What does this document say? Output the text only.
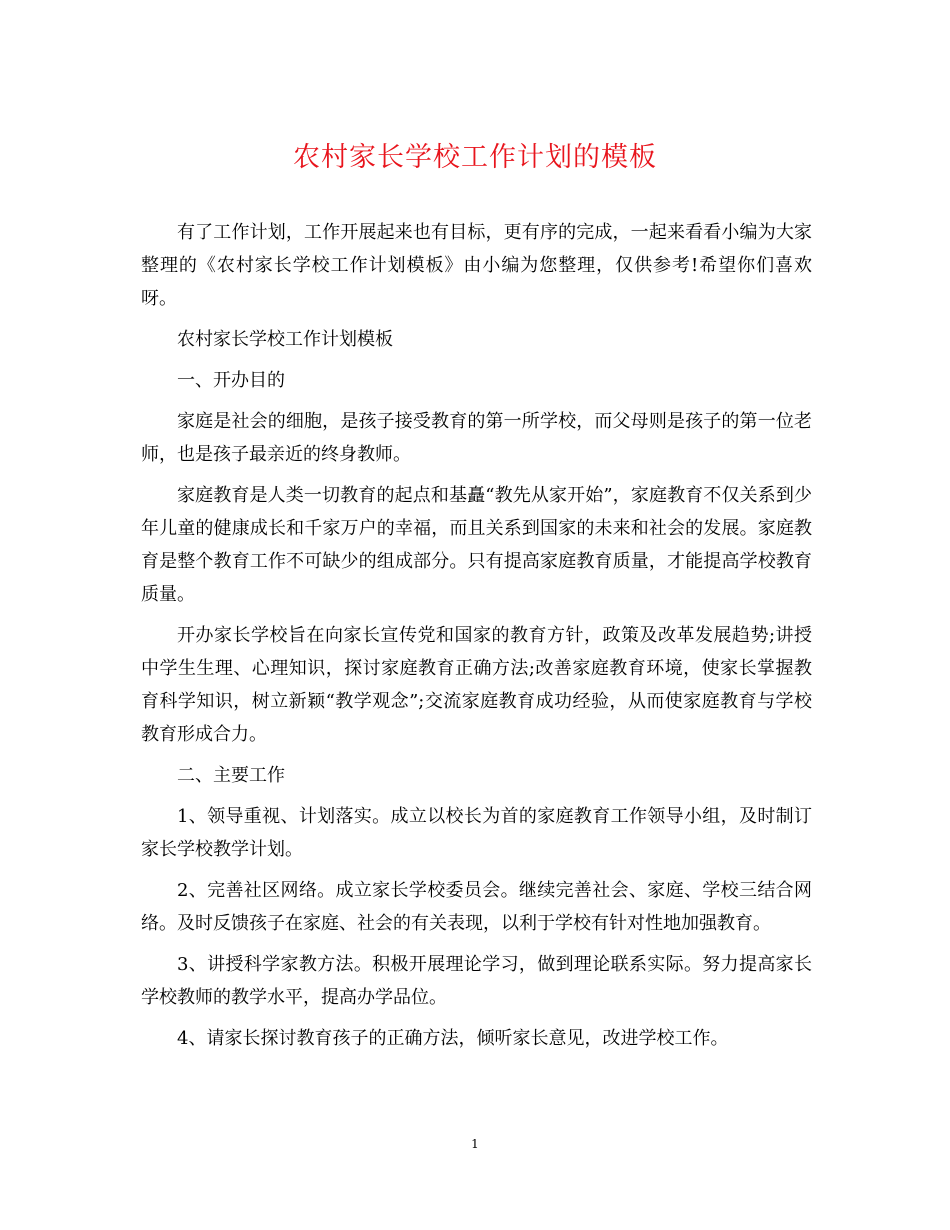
农村家长学校工作计划的模板

有了工作计划，工作开展起来也有目标，更有序的完成，一起来看看小编为大家整理的《农村家长学校工作计划模板》由小编为您整理，仅供参考!希望你们喜欢呀。

农村家长学校工作计划模板

一、开办目的

家庭是社会的细胞，是孩子接受教育的第一所学校，而父母则是孩子的第一位老师，也是孩子最亲近的终身教师。

家庭教育是人类一切教育的起点和基矗“教先从家开始”，家庭教育不仅关系到少年儿童的健康成长和千家万户的幸福，而且关系到国家的未来和社会的发展。家庭教育是整个教育工作不可缺少的组成部分。只有提高家庭教育质量，才能提高学校教育质量。

开办家长学校旨在向家长宣传党和国家的教育方针，政策及改革发展趋势;讲授中学生生理、心理知识，探讨家庭教育正确方法;改善家庭教育环境，使家长掌握教育科学知识，树立新颖“教学观念”;交流家庭教育成功经验，从而使家庭教育与学校教育形成合力。

二、主要工作

1、领导重视、计划落实。成立以校长为首的家庭教育工作领导小组，及时制订家长学校教学计划。

2、完善社区网络。成立家长学校委员会。继续完善社会、家庭、学校三结合网络。及时反馈孩子在家庭、社会的有关表现，以利于学校有针对性地加强教育。

3、讲授科学家教方法。积极开展理论学习，做到理论联系实际。努力提高家长学校教师的教学水平，提高办学品位。

4、请家长探讨教育孩子的正确方法，倾听家长意见，改进学校工作。

1
